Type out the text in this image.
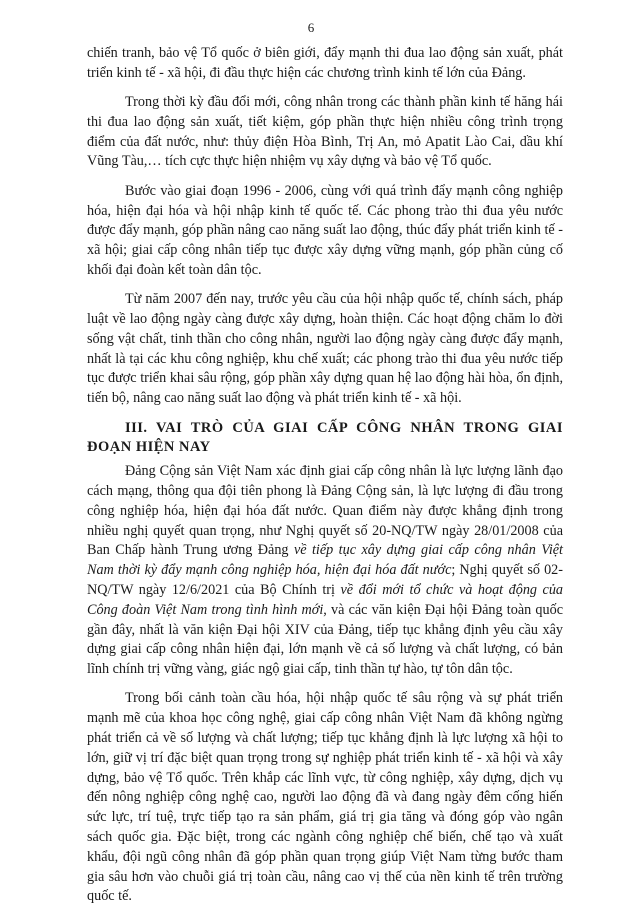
6

chiến tranh, bảo vệ Tổ quốc ở biên giới, đẩy mạnh thi đua lao động sản xuất, phát triển kinh tế - xã hội, đi đầu thực hiện các chương trình kinh tế lớn của Đảng.

Trong thời kỳ đầu đổi mới, công nhân trong các thành phần kinh tế hăng hái thi đua lao động sản xuất, tiết kiệm, góp phần thực hiện nhiều công trình trọng điểm của đất nước, như: thủy điện Hòa Bình, Trị An, mỏ Apatit Lào Cai, dầu khí Vũng Tàu,… tích cực thực hiện nhiệm vụ xây dựng và bảo vệ Tổ quốc.

Bước vào giai đoạn 1996 - 2006, cùng với quá trình đẩy mạnh công nghiệp hóa, hiện đại hóa và hội nhập kinh tế quốc tế. Các phong trào thi đua yêu nước được đẩy mạnh, góp phần nâng cao năng suất lao động, thúc đẩy phát triển kinh tế - xã hội; giai cấp công nhân tiếp tục được xây dựng vững mạnh, góp phần củng cố khối đại đoàn kết toàn dân tộc.

Từ năm 2007 đến nay, trước yêu cầu của hội nhập quốc tế, chính sách, pháp luật về lao động ngày càng được xây dựng, hoàn thiện. Các hoạt động chăm lo đời sống vật chất, tinh thần cho công nhân, người lao động ngày càng được đẩy mạnh, nhất là tại các khu công nghiệp, khu chế xuất; các phong trào thi đua yêu nước tiếp tục được triển khai sâu rộng, góp phần xây dựng quan hệ lao động hài hòa, ổn định, tiến bộ, nâng cao năng suất lao động và phát triển kinh tế - xã hội.

III. VAI TRÒ CỦA GIAI CẤP CÔNG NHÂN TRONG GIAI ĐOẠN HIỆN NAY

Đảng Cộng sản Việt Nam xác định giai cấp công nhân là lực lượng lãnh đạo cách mạng, thông qua đội tiên phong là Đảng Cộng sản, là lực lượng đi đầu trong công nghiệp hóa, hiện đại hóa đất nước. Quan điểm này được khẳng định trong nhiều nghị quyết quan trọng, như Nghị quyết số 20-NQ/TW ngày 28/01/2008 của Ban Chấp hành Trung ương Đảng về tiếp tục xây dựng giai cấp công nhân Việt Nam thời kỳ đẩy mạnh công nghiệp hóa, hiện đại hóa đất nước; Nghị quyết số 02-NQ/TW ngày 12/6/2021 của Bộ Chính trị về đổi mới tổ chức và hoạt động của Công đoàn Việt Nam trong tình hình mới, và các văn kiện Đại hội Đảng toàn quốc gần đây, nhất là văn kiện Đại hội XIV của Đảng, tiếp tục khẳng định yêu cầu xây dựng giai cấp công nhân hiện đại, lớn mạnh về cả số lượng và chất lượng, có bản lĩnh chính trị vững vàng, giác ngộ giai cấp, tinh thần tự hào, tự tôn dân tộc.

Trong bối cảnh toàn cầu hóa, hội nhập quốc tế sâu rộng và sự phát triển mạnh mẽ của khoa học công nghệ, giai cấp công nhân Việt Nam đã không ngừng phát triển cả về số lượng và chất lượng; tiếp tục khẳng định là lực lượng xã hội to lớn, giữ vị trí đặc biệt quan trọng trong sự nghiệp phát triển kinh tế - xã hội và xây dựng, bảo vệ Tổ quốc. Trên khắp các lĩnh vực, từ công nghiệp, xây dựng, dịch vụ đến nông nghiệp công nghệ cao, người lao động đã và đang ngày đêm cống hiến sức lực, trí tuệ, trực tiếp tạo ra sản phẩm, giá trị gia tăng và đóng góp vào ngân sách quốc gia. Đặc biệt, trong các ngành công nghiệp chế biến, chế tạo và xuất khẩu, đội ngũ công nhân đã góp phần quan trọng giúp Việt Nam từng bước tham gia sâu hơn vào chuỗi giá trị toàn cầu, nâng cao vị thế của nền kinh tế trên trường quốc tế.
